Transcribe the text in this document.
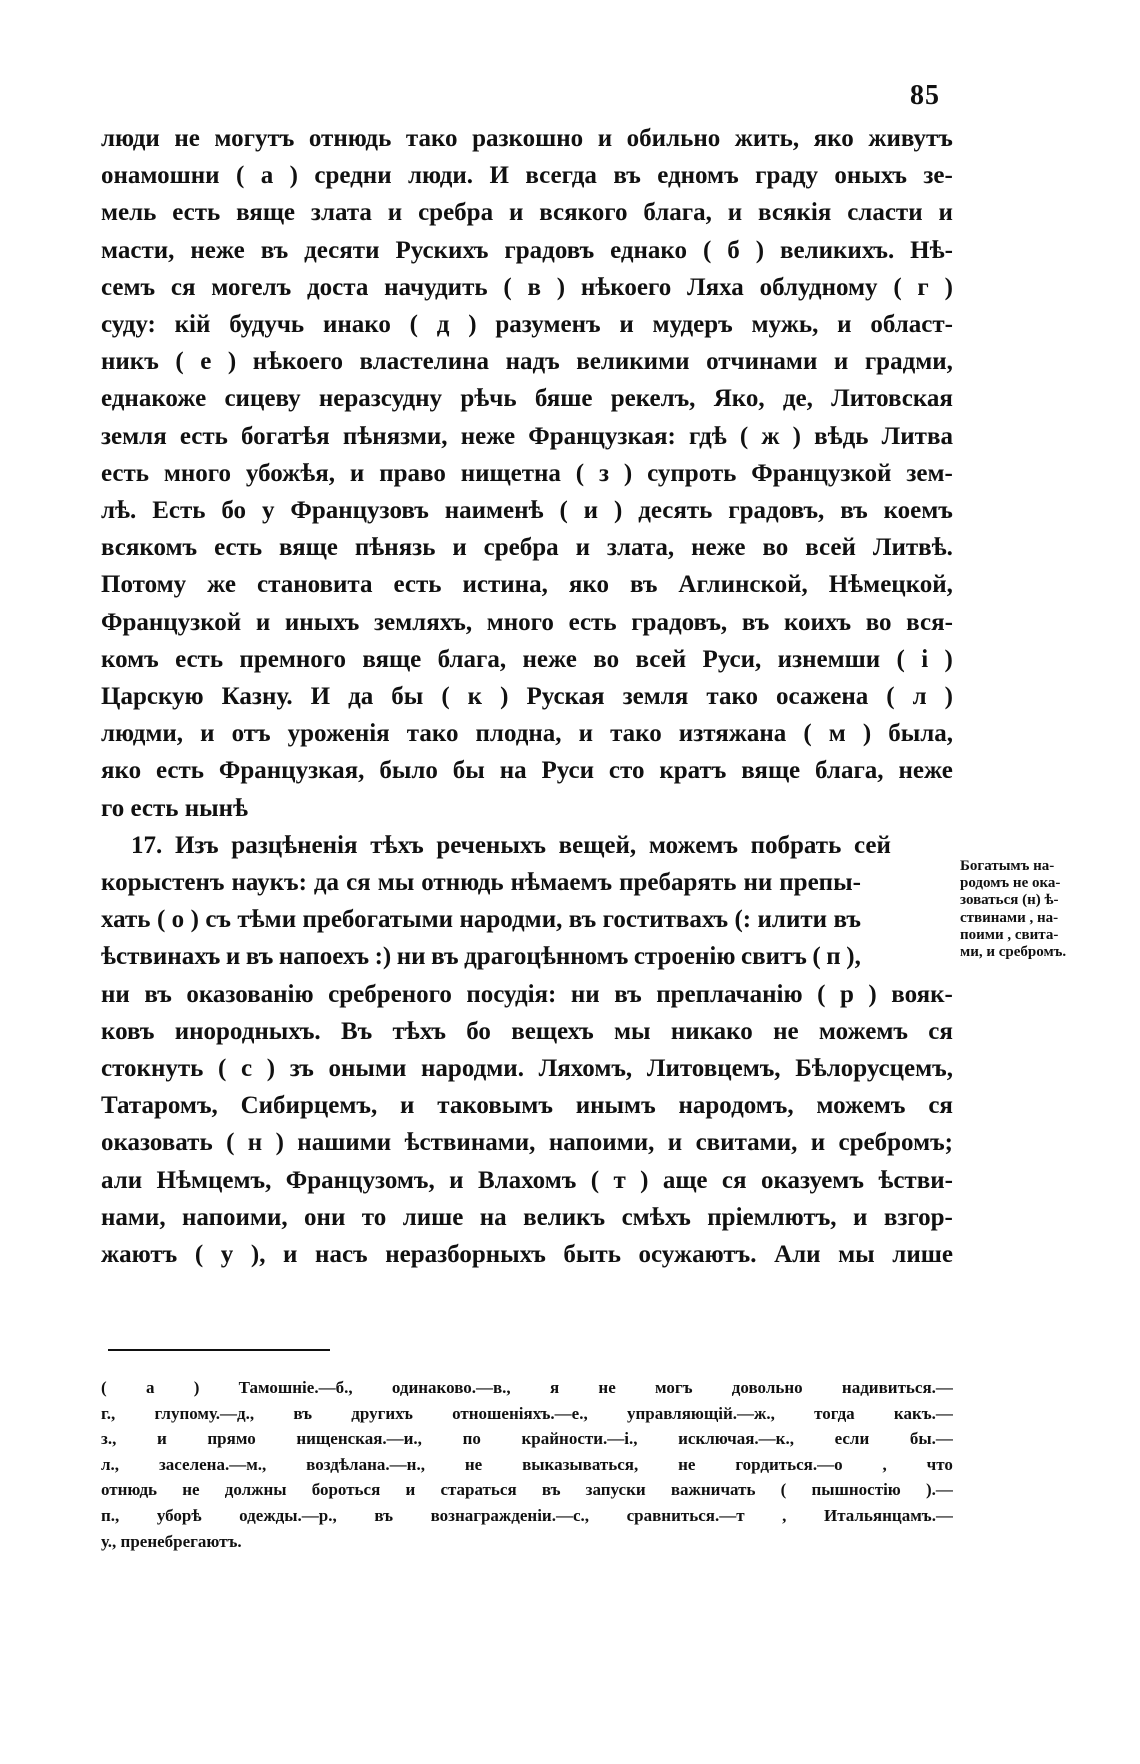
85
люди не могутъ отнюдь тако разкошно и обильно жить, яко живутъ
онамошни ( а ) средни люди. И всегда въ едномъ граду оныхъ зе-
мель есть вяще злата и сребра и всякого блага, и всякія сласти и
масти, неже въ десяти Рускихъ градовъ еднако ( б ) великихъ. Нѣ-
семъ ся могелъ доста начудить ( в ) нѣкоего Ляха облудному ( г )
суду: кій будучь инако ( д ) разуменъ и мудеръ мужь, и област-
никъ ( е ) нѣкоего властелина надъ великими отчинами и градми,
еднакоже сицеву неразсудну рѣчь бяше рекелъ, Яко, де, Литовская
земля есть богатѣя пѣнязми, неже Французкая: гдѣ ( ж ) вѣдь Литва
есть много убожѣя, и право нищетна ( з ) супроть Французкой зем-
лѣ. Есть бо у Французовъ наименѣ ( и ) десять градовъ, въ коемъ
всякомъ есть вяще пѣнязь и сребра и злата, неже во всей Литвѣ.
Потому же становита есть истина, яко въ Аглинской, Нѣмецкой,
Французкой и иныхъ земляхъ, много есть градовъ, въ коихъ во вся-
комъ есть премного вяще блага, неже во всей Руси, изнемши ( і )
Царскую Казну. И да бы ( к ) Руская земля тако осажена ( л )
людми, и отъ уроженія тако плодна, и тако изтяжана ( м ) была,
яко есть Французкая, было бы на Руси сто кратъ вяще блага, неже
го есть нынѣ
17. Изъ разцѣненія тѣхъ реченыхъ вещей, можемъ побрать сей
корыстенъ наукъ: да ся мы отнюдь нѣмаемъ пребарять ни препы-
хать ( о ) съ тѣми пребогатыми народми, въ гоститвахъ (: илити въ
ѣствинахъ и въ напоехъ :) ни въ драгоцѣнномъ строенію свитъ ( п ),
ни въ оказованію сребреного посудія: ни въ преплачанію ( р ) вояк-
ковъ инородныхъ. Въ тѣхъ бо вещехъ мы никако не можемъ ся
стокнуть ( с ) зъ оными народми. Ляхомъ, Литовцемъ, Бѣлорусцемъ,
Татаромъ, Сибирцемъ, и таковымъ инымъ народомъ, можемъ ся
оказовать ( н ) нашими ѣствинами, напоими, и свитами, и сребромъ;
али Нѣмцемъ, Французомъ, и Влахомъ ( т ) аще ся оказуемъ ѣстви-
нами, напоими, они то лише на великъ смѣхъ пріемлютъ, и взгор-
жаютъ ( у ), и насъ неразборныхъ быть осужаютъ. Али мы лише
Богатымъ на-
родомъ не ока-
зоваться (н) ѣ-
ствинами , на-
поими , свита-
ми, и сребромъ.
( а ) Тамошніе.—б., одинаково.—в., я не могъ довольно надивиться.—
г., глупому.—д., въ другихъ отношеніяхъ.—е., управляющій.—ж., тогда какъ.—
з., и прямо нищенская.—и., по крайности.—і., исключая.—к., если бы.—
л., заселена.—м., воздѣлана.—н., не выказываться, не гордиться.—о , что
отнюдь не должны бороться и стараться въ запуски важничать ( пышностію ).—
п., уборѣ одежды.—р., въ вознагражденіи.—с., сравниться.—т , Итальянцамъ.—
у., пренебрегаютъ.
